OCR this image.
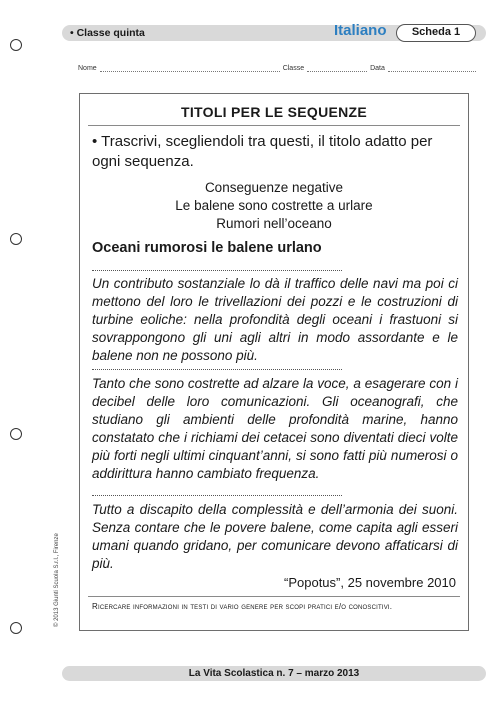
• Classe quinta	Italiano	Scheda 1
Nome	Classe	Data
TITOLI PER LE SEQUENZE
• Trascrivi, scegliendoli tra questi, il titolo adatto per ogni sequenza.
Conseguenze negative
Le balene sono costrette a urlare
Rumori nell’oceano
Oceani rumorosi le balene urlano
Un contributo sostanziale lo dà il traffico delle navi ma poi ci mettono del loro le trivellazioni dei pozzi e le costruzioni di turbine eoliche: nella profondità degli oceani i frastuoni si sovrappongono gli uni agli altri in modo assordante e le balene non ne possono più.
Tanto che sono costrette ad alzare la voce, a esagerare con i decibel delle loro comunicazioni. Gli oceanografi, che studiano gli ambienti delle profondità marine, hanno constatato che i richiami dei cetacei sono diventati dieci volte più forti negli ultimi cinquant’anni, si sono fatti più numerosi o addirittura hanno cambiato frequenza.
Tutto a discapito della complessità e dell’armonia dei suoni. Senza contare che le povere balene, come capita agli esseri umani quando gridano, per comunicare devono affaticarsi di più.
“Popotus”, 25 novembre 2010
Ricercare informazioni in testi di vario genere per scopi pratici e/o conoscitivi.
© 2013 Giunti Scuola S.r.l., Firenze
La Vita Scolastica n. 7 – marzo 2013
